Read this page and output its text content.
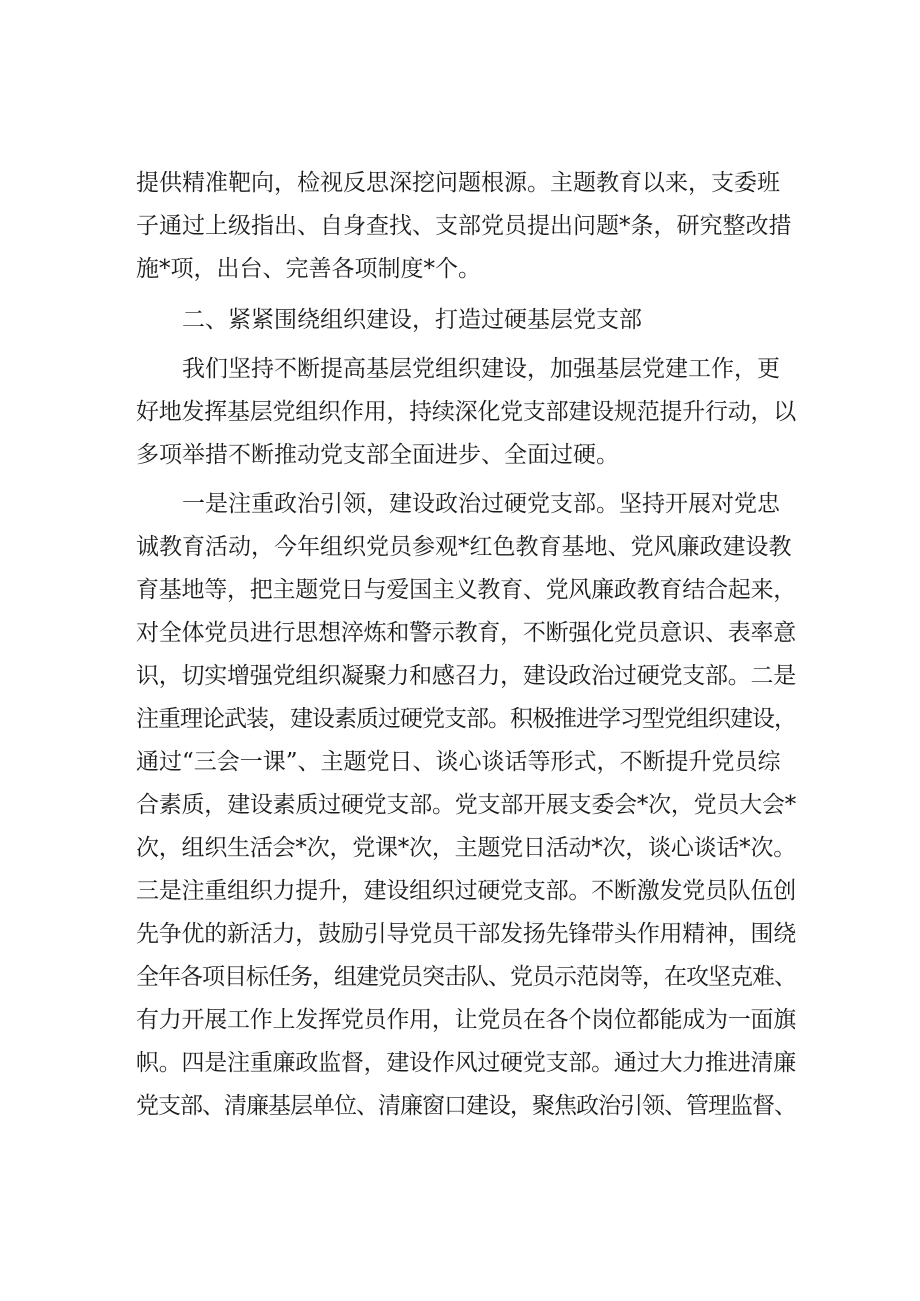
提供精准靶向，检视反思深挖问题根源。主题教育以来，支委班
子通过上级指出、自身查找、支部党员提出问题*条，研究整改措
施*项，出台、完善各项制度*个。
二、紧紧围绕组织建设，打造过硬基层党支部
我们坚持不断提高基层党组织建设，加强基层党建工作，更
好地发挥基层党组织作用，持续深化党支部建设规范提升行动，以
多项举措不断推动党支部全面进步、全面过硬。
一是注重政治引领，建设政治过硬党支部。坚持开展对党忠
诚教育活动，今年组织党员参观*红色教育基地、党风廉政建设教
育基地等，把主题党日与爱国主义教育、党风廉政教育结合起来，
对全体党员进行思想淬炼和警示教育，不断强化党员意识、表率意
识，切实增强党组织凝聚力和感召力，建设政治过硬党支部。二是
注重理论武装，建设素质过硬党支部。积极推进学习型党组织建设，
通过“三会一课”、主题党日、谈心谈话等形式，不断提升党员综
合素质，建设素质过硬党支部。党支部开展支委会*次，党员大会*
次，组织生活会*次，党课*次，主题党日活动*次，谈心谈话*次。
三是注重组织力提升，建设组织过硬党支部。不断激发党员队伍创
先争优的新活力，鼓励引导党员干部发扬先锋带头作用精神，围绕
全年各项目标任务，组建党员突击队、党员示范岗等，在攻坚克难、
有力开展工作上发挥党员作用，让党员在各个岗位都能成为一面旗
帜。四是注重廉政监督，建设作风过硬党支部。通过大力推进清廉
党支部、清廉基层单位、清廉窗口建设，聚焦政治引领、管理监督、
